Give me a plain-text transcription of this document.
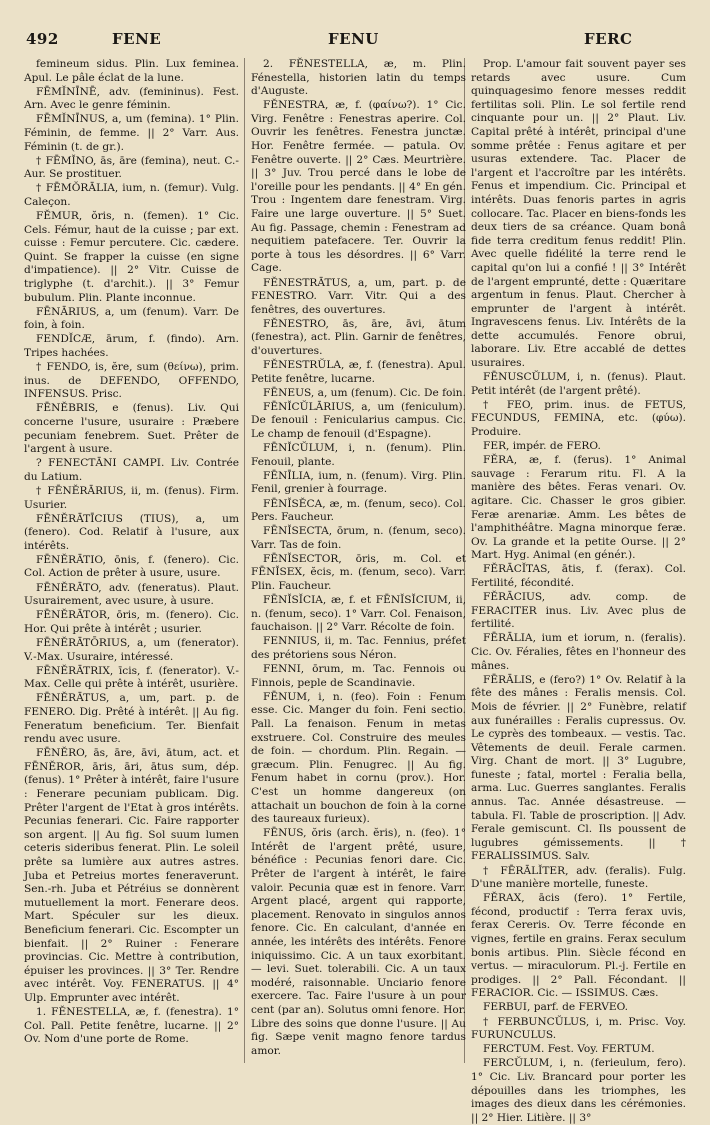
492	FENE	FENU	FERC

femineum sidus. Plin. Lux feminea. Apul. Le pâle éclat de la lune.

FĒMĬNĪNĒ, adv. (femininus). Fest. Arn. Avec le genre féminin.

FĒMĬNĪNUS, a, um (femina). 1° Plin. Féminin, de femme. || 2° Varr. Aus. Féminin (t. de gr.).

† FĒMĬNO, ās, āre (femina), neut. C.-Aur. Se prostituer.

† FĒMŎRĀLIA, ium, n. (femur). Vulg. Caleçon.

FĔMUR, ŏris, n. (femen). 1° Cic. Cels. Fémur, haut de la cuisse ; par ext. cuisse : Femur percutere. Cic. cædere. Quint. Se frapper la cuisse (en signe d'impatience). || 2° Vitr. Cuisse de triglyphe (t. d'archit.). || 3° Femur bubulum. Plin. Plante inconnue.

FĒNĀRIUS, a, um (fenum). Varr. De foin, à foin.

FENDĬCÆ, ārum, f. (findo). Arn. Tripes hachées.

† FENDO, is, ĕre, sum (θείνω), prim. inus. de DEFENDO, OFFENDO, INFENSUS. Prisc.

FĒNĔBRIS, e (fenus). Liv. Qui concerne l'usure, usuraire : Præbere pecuniam fenebrem. Suet. Prêter de l'argent à usure.

? FENECTĀNI CAMPI. Liv. Contrée du Latium.

† FĒNĔRĀRIUS, ii, m. (fenus). Firm. Usurier.

FĒNĔRĀTĪCIUS (TIUS), a, um (fenero). Cod. Relatif à l'usure, aux intérêts.

FĒNĔRĀTIO, ōnis, f. (fenero). Cic. Col. Action de prêter à usure, usure.

FĒNĔRĀTO, adv. (feneratus). Plaut. Usurairement, avec usure, à usure.

FĒNĔRĀTOR, ōris, m. (fenero). Cic. Hor. Qui prête à intérêt ; usurier.

FĒNĔRĀTŌRIUS, a, um (fenerator). V.-Max. Usuraire, intéressé.

FĒNĔRĀTRIX, īcis, f. (fenerator). V.-Max. Celle qui prête à intérêt, usurière.

FĒNĔRĀTUS, a, um, part. p. de FENERO. Dig. Prêté à intérêt. || Au fig. Feneratum beneficium. Ter. Bienfait rendu avec usure.

FĒNĔRO, ās, āre, āvi, ātum, act. et FĒNĔROR, āris, āri, ātus sum, dép. (fenus). 1° Prêter à intérêt, faire l'usure : Fenerare pecuniam publicam. Dig. Prêter l'argent de l'Etat à gros intérêts. Pecunias fenerari. Cic. Faire rapporter son argent. || Au fig. Sol suum lumen ceteris sideribus fenerat. Plin. Le soleil prête sa lumière aux autres astres. Juba et Petreius mortes feneraverunt. Sen.-rh. Juba et Pétréius se donnèrent mutuellement la mort. Fenerare deos. Mart. Spéculer sur les dieux. Beneficium fenerari. Cic. Escompter un bienfait. || 2° Ruiner : Fenerare provincias. Cic. Mettre à contribution, épuiser les provinces. || 3° Ter. Rendre avec intérêt. Voy. FENERATUS. || 4° Ulp. Emprunter avec intérêt.

1. FĔNESTELLA, æ, f. (fenestra). 1° Col. Pall. Petite fenêtre, lucarne. || 2° Ov. Nom d'une porte de Rome.

2. FĔNESTELLA, æ, m. Plin. Fénestella, historien latin du temps d'Auguste.

FĔNESTRA, æ, f. (φαίνω?). 1° Cic. Virg. Fenêtre : Fenestras aperire. Col. Ouvrir les fenêtres. Fenestra junctæ. Hor. Fenêtre fermée. — patula. Ov. Fenêtre ouverte. || 2° Cæs. Meurtrière. || 3° Juv. Trou percé dans le lobe de l'oreille pour les pendants. || 4° En gén. Trou : Ingentem dare fenestram. Virg. Faire une large ouverture. || 5° Suet. Au fig. Passage, chemin : Fenestram ad nequitiem patefacere. Ter. Ouvrir la porte à tous les désordres. || 6° Varr. Cage.

FĔNESTRĀTUS, a, um, part. p. de FENESTRO. Varr. Vitr. Qui a des fenêtres, des ouvertures.

FĔNESTRO, ās, āre, āvi, ātum (fenestra), act. Plin. Garnir de fenêtres, d'ouvertures.

FĔNESTRŬLA, æ, f. (fenestra). Apul. Petite fenêtre, lucarne.

FĒNEUS, a, um (fenum). Cic. De foin.

FĒNĬCŬLĀRIUS, a, um (feniculum). De fenouil : Fenicularius campus. Cic. Le champ de fenouil (d'Espagne).

FĒNĬCŬLUM, i, n. (fenum). Plin. Fenouil, plante.

FĒNĪLIA, ium, n. (fenum). Virg. Plin. Fenil, grenier à fourrage.

FĒNĬSĔCA, æ, m. (fenum, seco). Col. Pers. Faucheur.

FĒNĬSECTA, ōrum, n. (fenum, seco). Varr. Tas de foin.

FĒNĬSECTOR, ōris, m. Col. et FĒNĬSEX, ĕcis, m. (fenum, seco). Varr. Plin. Faucheur.

FĒNĬSĬCIA, æ, f. et FĒNĬSĬCIUM, ii, n. (fenum, seco). 1° Varr. Col. Fenaison, fauchaison. || 2° Varr. Récolte de foin.

FENNIUS, ii, m. Tac. Fennius, préfet des prétoriens sous Néron.

FENNI, ōrum, m. Tac. Fennois ou Finnois, peple de Scandinavie.

FĒNUM, i, n. (feo). Foin : Fenum esse. Cic. Manger du foin. Feni sectio. Pall. La fenaison. Fenum in metas exstruere. Col. Construire des meules de foin. — chordum. Plin. Regain. — græcum. Plin. Fenugrec. || Au fig. Fenum habet in cornu (prov.). Hor. C'est un homme dangereux (on attachait un bouchon de foin à la corne des taureaux furieux).

FĒNUS, ŏris (arch. ĕris), n. (feo). 1° Intérêt de l'argent prêté, usure, bénéfice : Pecunias fenori dare. Cic. Prêter de l'argent à intérêt, le faire valoir. Pecunia quæ est in fenore. Varr. Argent placé, argent qui rapporte, placement. Renovato in singulos annos fenore. Cic. En calculant, d'année en année, les intérêts des intérêts. Fenore iniquissimo. Cic. A un taux exorbitant. — levi. Suet. tolerabili. Cic. A un taux modéré, raisonnable. Unciario fenore exercere. Tac. Faire l'usure à un pour cent (par an). Solutus omni fenore. Hor. Libre des soins que donne l'usure. || Au fig. Sæpe venit magno fenore tardus amor.

Prop. L'amour fait souvent payer ses retards avec usure. Cum quinquagesimo fenore messes reddit fertilitas soli. Plin. Le sol fertile rend cinquante pour un. || 2° Plaut. Liv. Capital prêté à intérêt, principal d'une somme prêtée : Fenus agitare et per usuras extendere. Tac. Placer de l'argent et l'accroître par les intérêts. Fenus et impendium. Cic. Principal et intérêts. Duas fenoris partes in agris collocare. Tac. Placer en biens-fonds les deux tiers de sa créance. Quam bonâ fide terra creditum fenus reddit! Plin. Avec quelle fidélité la terre rend le capital qu'on lui a confié ! || 3° Intérêt de l'argent emprunté, dette : Quæritare argentum in fenus. Plaut. Chercher à emprunter de l'argent à intérêt. Ingravescens fenus. Liv. Intérêts de la dette accumulés. Fenore obrui, laborare. Liv. Etre accablé de dettes usuraires.

FĒNUSCŬLUM, i, n. (fenus). Plaut. Petit intérêt (de l'argent prêté).

† FEO, prim. inus. de FETUS, FECUNDUS, FEMINA, etc. (φύω). Produire.

FER, impér. de FERO.

FĔRA, æ, f. (ferus). 1° Animal sauvage : Ferarum ritu. Fl. A la manière des bêtes. Feras venari. Ov. agitare. Cic. Chasser le gros gibier. Feræ arenariæ. Amm. Les bêtes de l'amphithéâtre. Magna minorque feræ. Ov. La grande et la petite Ourse. || 2° Mart. Hyg. Animal (en génér.).

FĔRĀCĬTAS, ātis, f. (ferax). Col. Fertilité, fécondité.

FĔRĀCIUS, adv. comp. de FERACITER inus. Liv. Avec plus de fertilité.

FĒRĀLIA, ium et iorum, n. (feralis). Cic. Ov. Féralies, fêtes en l'honneur des mânes.

FĒRĀLIS, e (fero?) 1° Ov. Relatif à la fête des mânes : Feralis mensis. Col. Mois de février. || 2° Funèbre, relatif aux funérailles : Feralis cupressus. Ov. Le cyprès des tombeaux. — vestis. Tac. Vêtements de deuil. Ferale carmen. Virg. Chant de mort. || 3° Lugubre, funeste ; fatal, mortel : Feralia bella, arma. Luc. Guerres sanglantes. Feralis annus. Tac. Année désastreuse. — tabula. Fl. Table de proscription. || Adv. Ferale gemiscunt. Cl. Ils poussent de lugubres gémissements. || † FERALISSIMUS. Salv.

† FĒRĀLĬTER, adv. (feralis). Fulg. D'une manière mortelle, funeste.

FĔRAX, ācis (fero). 1° Fertile, fécond, productif : Terra ferax uvis, ferax Cereris. Ov. Terre féconde en vignes, fertile en grains. Ferax seculum bonis artibus. Plin. Siècle fécond en vertus. — miraculorum. Pl.-j. Fertile en prodiges. || 2° Pall. Fécondant. || FERACIOR. Cic. — ISSIMUS. Cæs.

FERBUI, parf. de FERVEO.

† FERBUNCŬLUS, i, m. Prisc. Voy. FURUNCULUS.

FERCTUM. Fest. Voy. FERTUM.

FERCŬLUM, i, n. (ferieulum, fero). 1° Cic. Liv. Brancard pour porter les dépouilles dans les triomphes, les images des dieux dans les cérémonies. || 2° Hier. Litière. || 3°
